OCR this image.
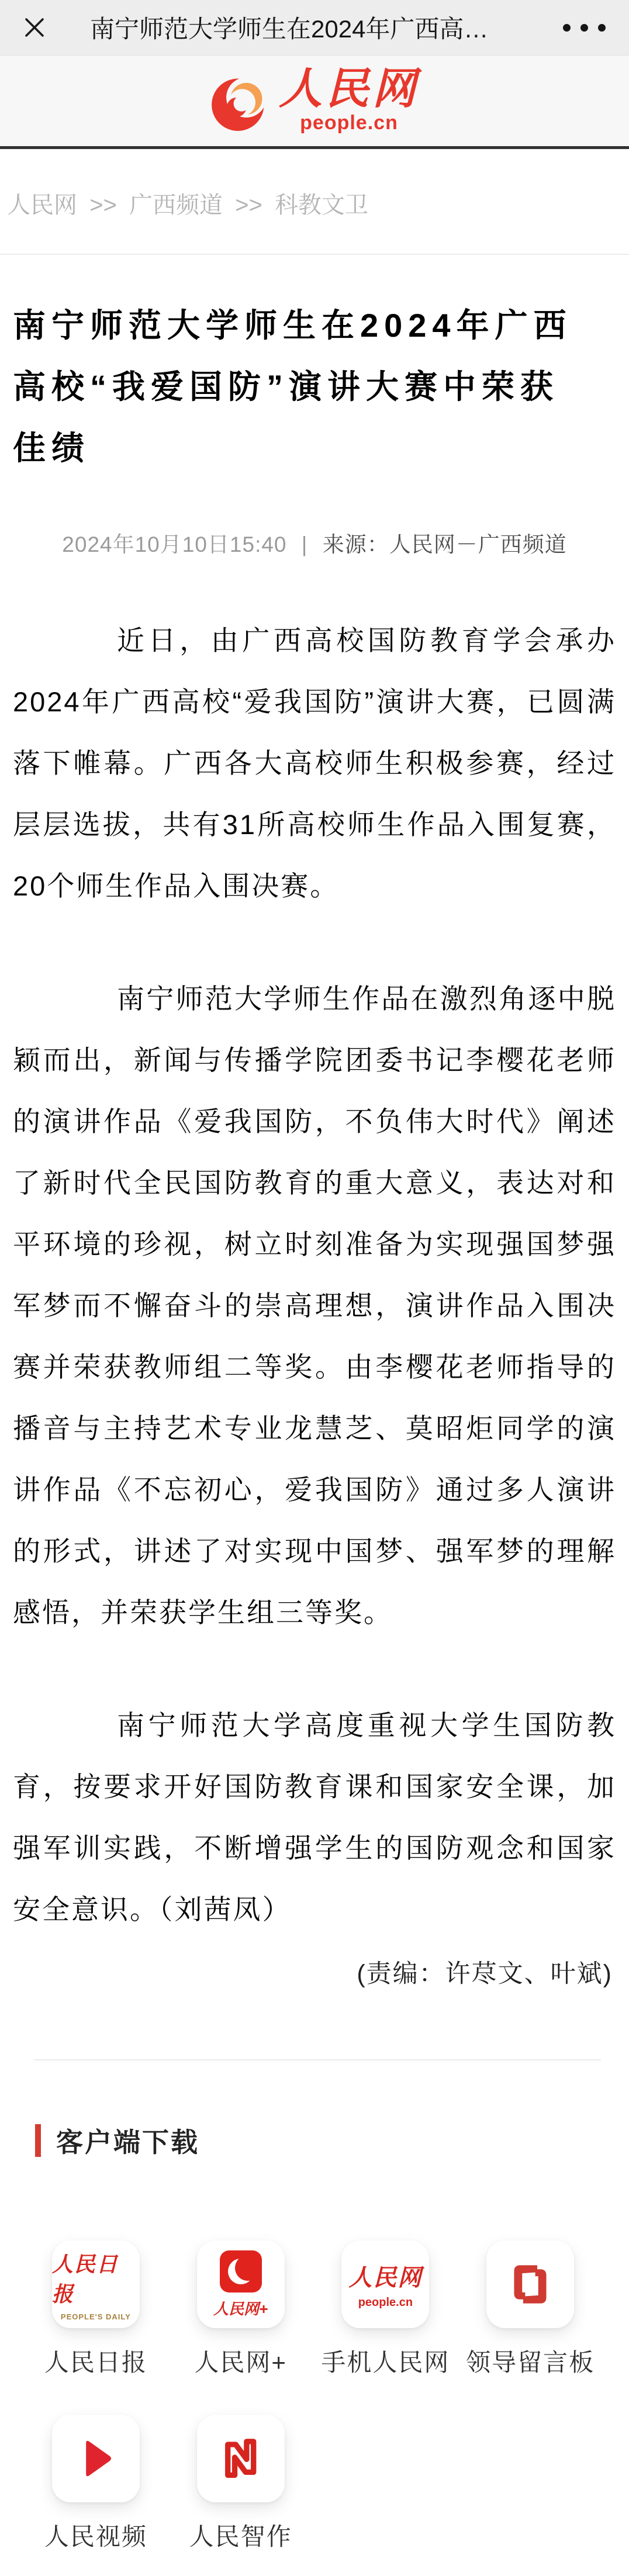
南宁师范大学师生在2024年广西高…
人民网
people.cn
人民网 >> 广西频道 >> 科教文卫
南宁师范大学师生在2024年广西
高校“我爱国防”演讲大赛中荣获
佳绩
2024年10月10日15:40 | 来源：人民网－广西频道

近日，由广西高校国防教育学会承办2024年广西高校“爱我国防”演讲大赛，已圆满落下帷幕。广西各大高校师生积极参赛，经过层层选拔，共有31所高校师生作品入围复赛，20个师生作品入围决赛。

南宁师范大学师生作品在激烈角逐中脱颖而出，新闻与传播学院团委书记李樱花老师的演讲作品《爱我国防，不负伟大时代》阐述了新时代全民国防教育的重大意义，表达对和平环境的珍视，树立时刻准备为实现强国梦强军梦而不懈奋斗的崇高理想，演讲作品入围决赛并荣获教师组二等奖。由李樱花老师指导的播音与主持艺术专业龙慧芝、莫昭炬同学的演讲作品《不忘初心，爱我国防》通过多人演讲的形式，讲述了对实现中国梦、强军梦的理解感悟，并荣获学生组三等奖。

南宁师范大学高度重视大学生国防教育，按要求开好国防教育课和国家安全课，加强军训实践，不断增强学生的国防观念和国家安全意识。（刘茜凤）

(责编：许荩文、叶斌)
客户端下载
人民日报
PEOPLE'S DAILY
人民日报
人民网+
人民网+
人民网
people.cn
手机人民网 领导留言板
人民视频 人民智作
